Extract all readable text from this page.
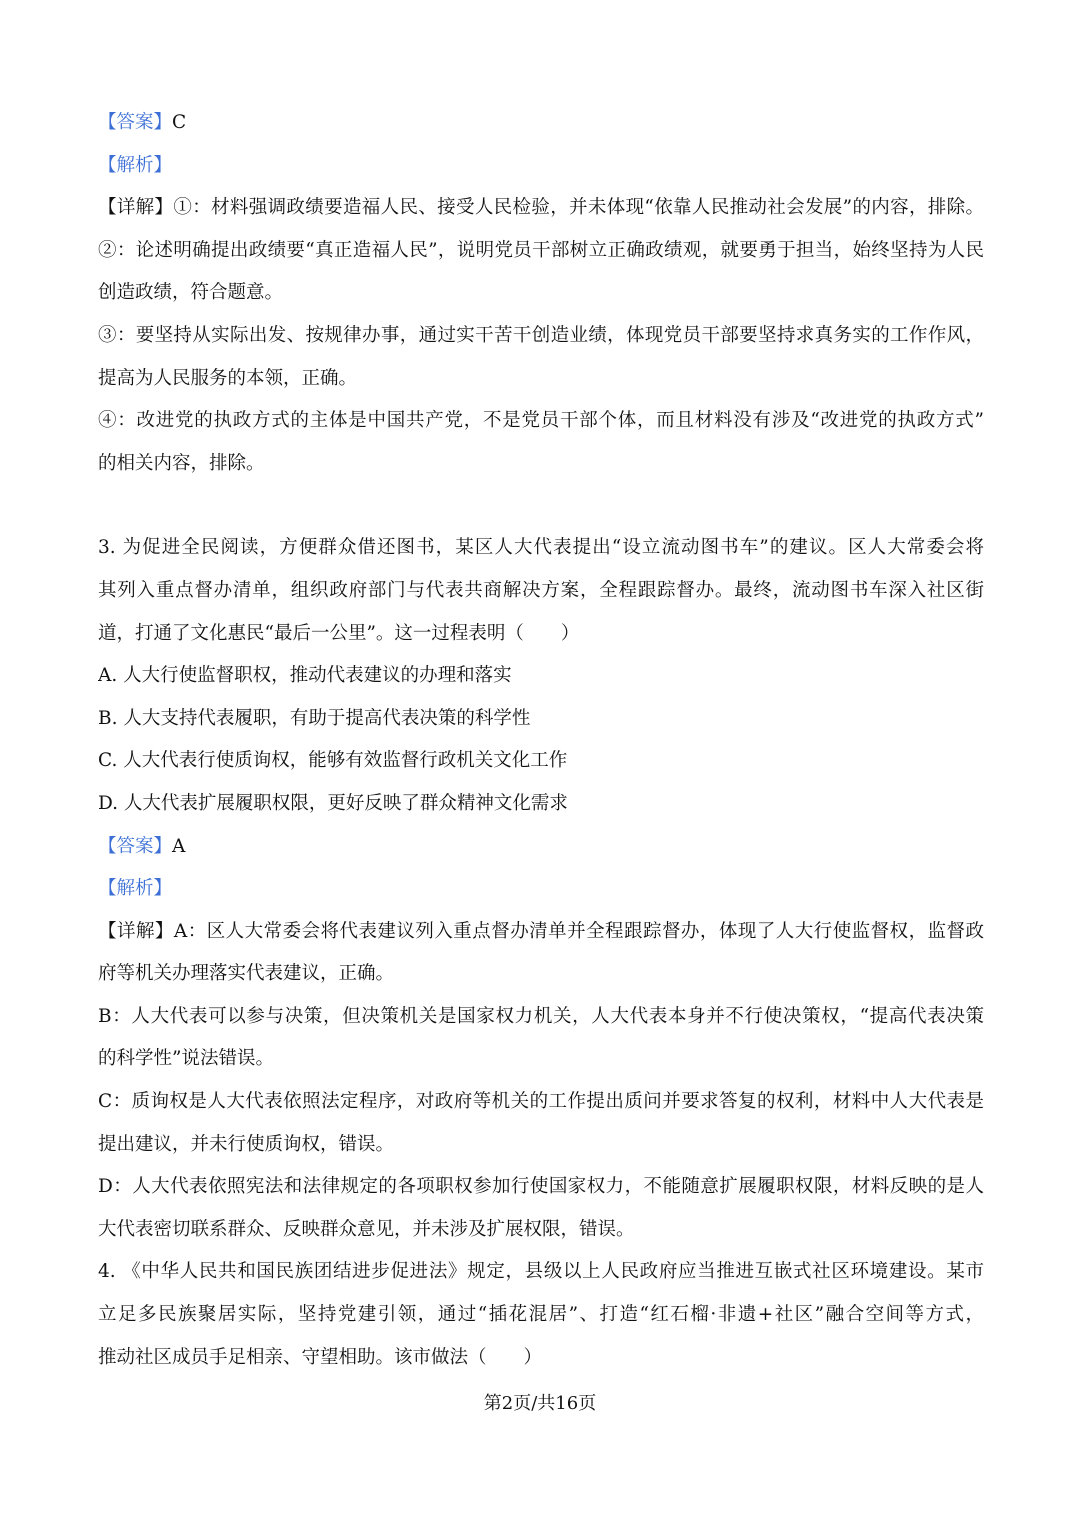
【答案】C
【解析】
【详解】①：材料强调政绩要造福人民、接受人民检验，并未体现“依靠人民推动社会发展”的内容，排除。
②：论述明确提出政绩要“真正造福人民”，说明党员干部树立正确政绩观，就要勇于担当，始终坚持为人民
创造政绩，符合题意。
③：要坚持从实际出发、按规律办事，通过实干苦干创造业绩，体现党员干部要坚持求真务实的工作作风，
提高为人民服务的本领，正确。
④：改进党的执政方式的主体是中国共产党，不是党员干部个体，而且材料没有涉及“改进党的执政方式”
的相关内容，排除。
3. 为促进全民阅读，方便群众借还图书，某区人大代表提出“设立流动图书车”的建议。区人大常委会将
其列入重点督办清单，组织政府部门与代表共商解决方案，全程跟踪督办。最终，流动图书车深入社区街
道，打通了文化惠民“最后一公里”。这一过程表明（　　）
A. 人大行使监督职权，推动代表建议的办理和落实
B. 人大支持代表履职，有助于提高代表决策的科学性
C. 人大代表行使质询权，能够有效监督行政机关文化工作
D. 人大代表扩展履职权限，更好反映了群众精神文化需求
【答案】A
【解析】
【详解】A：区人大常委会将代表建议列入重点督办清单并全程跟踪督办，体现了人大行使监督权，监督政
府等机关办理落实代表建议，正确。
B：人大代表可以参与决策，但决策机关是国家权力机关，人大代表本身并不行使决策权，“提高代表决策
的科学性”说法错误。
C：质询权是人大代表依照法定程序，对政府等机关的工作提出质问并要求答复的权利，材料中人大代表是
提出建议，并未行使质询权，错误。
D：人大代表依照宪法和法律规定的各项职权参加行使国家权力，不能随意扩展履职权限，材料反映的是人
大代表密切联系群众、反映群众意见，并未涉及扩展权限，错误。
4. 《中华人民共和国民族团结进步促进法》规定，县级以上人民政府应当推进互嵌式社区环境建设。某市
立足多民族聚居实际，坚持党建引领，通过“插花混居”、打造“红石榴·非遗+社区”融合空间等方式，
推动社区成员手足相亲、守望相助。该市做法（　　）
第2页/共16页
